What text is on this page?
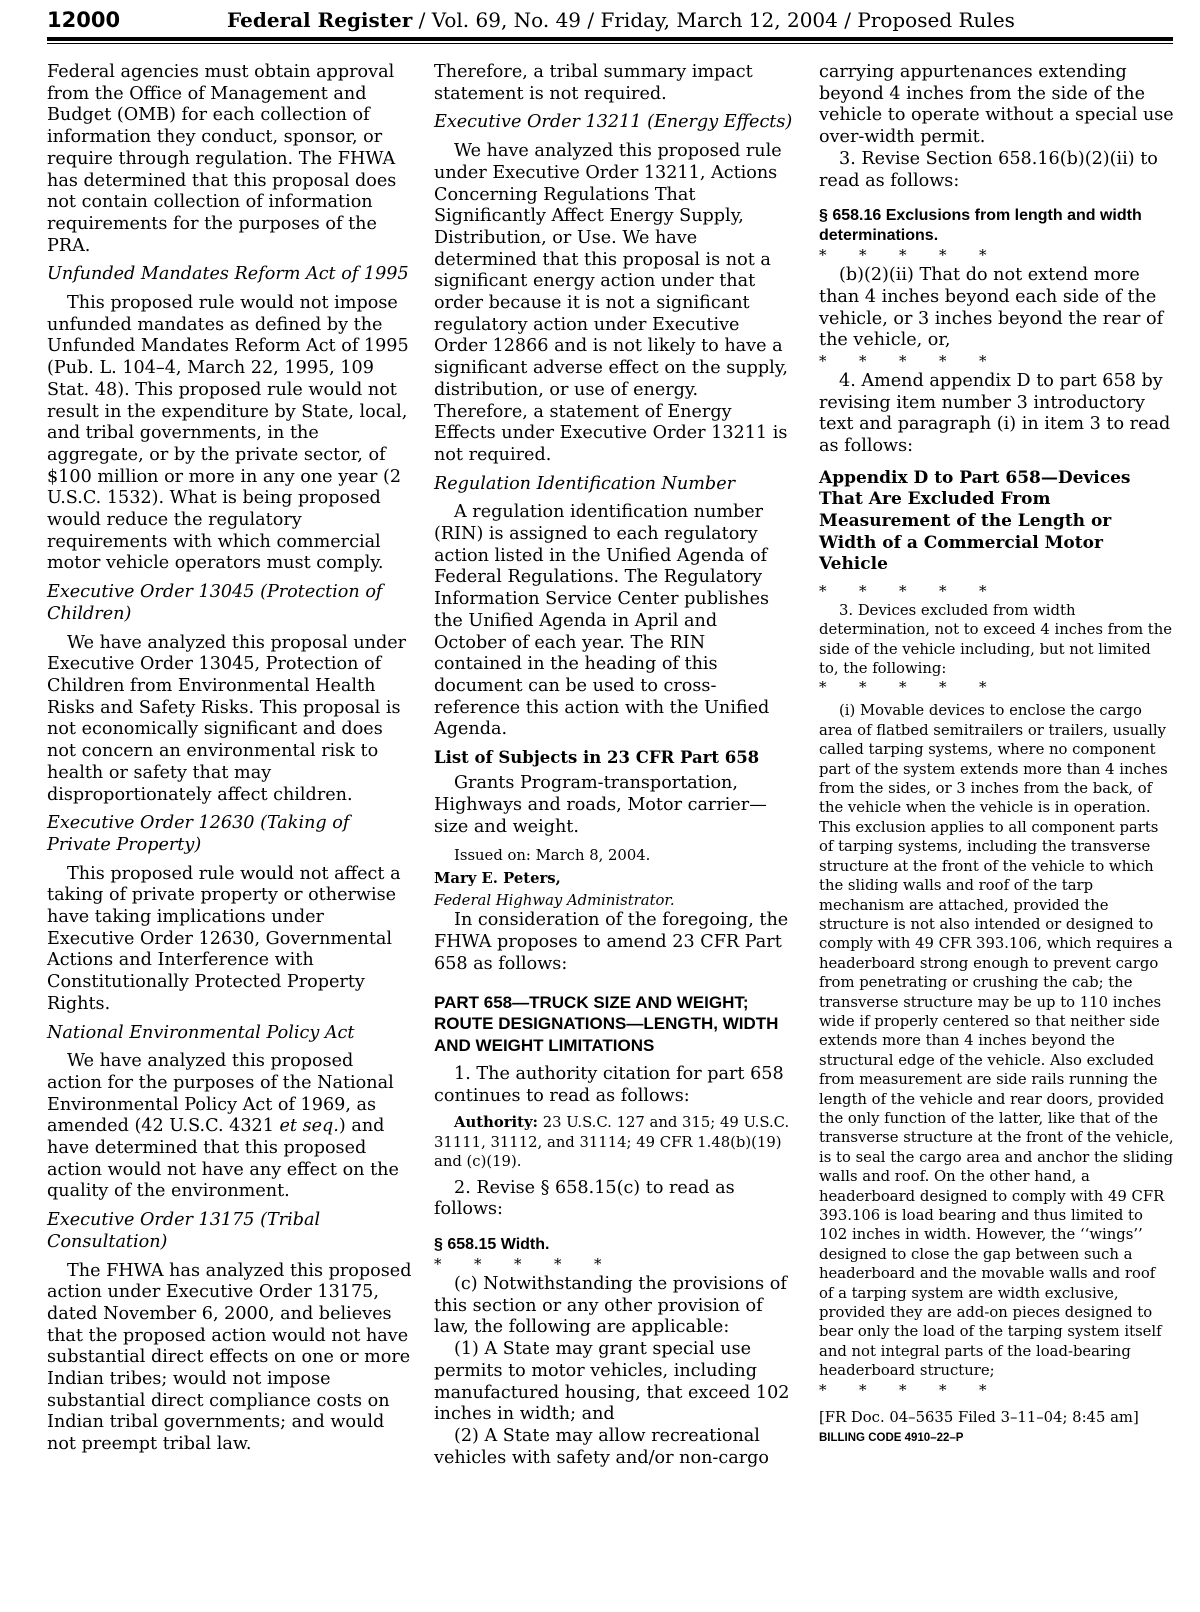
12000	Federal Register / Vol. 69, No. 49 / Friday, March 12, 2004 / Proposed Rules

Federal agencies must obtain approval from the Office of Management and Budget (OMB) for each collection of information they conduct, sponsor, or require through regulation. The FHWA has determined that this proposal does not contain collection of information requirements for the purposes of the PRA.

Unfunded Mandates Reform Act of 1995

This proposed rule would not impose unfunded mandates as defined by the Unfunded Mandates Reform Act of 1995 (Pub. L. 104–4, March 22, 1995, 109 Stat. 48). This proposed rule would not result in the expenditure by State, local, and tribal governments, in the aggregate, or by the private sector, of $100 million or more in any one year (2 U.S.C. 1532). What is being proposed would reduce the regulatory requirements with which commercial motor vehicle operators must comply.

Executive Order 13045 (Protection of Children)

We have analyzed this proposal under Executive Order 13045, Protection of Children from Environmental Health Risks and Safety Risks. This proposal is not economically significant and does not concern an environmental risk to health or safety that may disproportionately affect children.

Executive Order 12630 (Taking of Private Property)

This proposed rule would not affect a taking of private property or otherwise have taking implications under Executive Order 12630, Governmental Actions and Interference with Constitutionally Protected Property Rights.

National Environmental Policy Act

We have analyzed this proposed action for the purposes of the National Environmental Policy Act of 1969, as amended (42 U.S.C. 4321 et seq.) and have determined that this proposed action would not have any effect on the quality of the environment.

Executive Order 13175 (Tribal Consultation)

The FHWA has analyzed this proposed action under Executive Order 13175, dated November 6, 2000, and believes that the proposed action would not have substantial direct effects on one or more Indian tribes; would not impose substantial direct compliance costs on Indian tribal governments; and would not preempt tribal law.

Therefore, a tribal summary impact statement is not required.

Executive Order 13211 (Energy Effects)

We have analyzed this proposed rule under Executive Order 13211, Actions Concerning Regulations That Significantly Affect Energy Supply, Distribution, or Use. We have determined that this proposal is not a significant energy action under that order because it is not a significant regulatory action under Executive Order 12866 and is not likely to have a significant adverse effect on the supply, distribution, or use of energy. Therefore, a statement of Energy Effects under Executive Order 13211 is not required.

Regulation Identification Number

A regulation identification number (RIN) is assigned to each regulatory action listed in the Unified Agenda of Federal Regulations. The Regulatory Information Service Center publishes the Unified Agenda in April and October of each year. The RIN contained in the heading of this document can be used to cross-reference this action with the Unified Agenda.

List of Subjects in 23 CFR Part 658

Grants Program-transportation, Highways and roads, Motor carrier—size and weight.

Issued on: March 8, 2004.

Mary E. Peters,

Federal Highway Administrator.

In consideration of the foregoing, the FHWA proposes to amend 23 CFR Part 658 as follows:

PART 658—TRUCK SIZE AND WEIGHT; ROUTE DESIGNATIONS—LENGTH, WIDTH AND WEIGHT LIMITATIONS

1. The authority citation for part 658 continues to read as follows:

Authority: 23 U.S.C. 127 and 315; 49 U.S.C. 31111, 31112, and 31114; 49 CFR 1.48(b)(19) and (c)(19).

2. Revise § 658.15(c) to read as follows:

§ 658.15 Width.

* * * * *

(c) Notwithstanding the provisions of this section or any other provision of law, the following are applicable:

(1) A State may grant special use permits to motor vehicles, including manufactured housing, that exceed 102 inches in width; and

(2) A State may allow recreational vehicles with safety and/or non-cargo

carrying appurtenances extending beyond 4 inches from the side of the vehicle to operate without a special use over-width permit.

3. Revise Section 658.16(b)(2)(ii) to read as follows:

§ 658.16 Exclusions from length and width determinations.

* * * * *

(b)(2)(ii) That do not extend more than 4 inches beyond each side of the vehicle, or 3 inches beyond the rear of the vehicle, or,

* * * * *

4. Amend appendix D to part 658 by revising item number 3 introductory text and paragraph (i) in item 3 to read as follows:

Appendix D to Part 658—Devices That Are Excluded From Measurement of the Length or Width of a Commercial Motor Vehicle

* * * * *

3. Devices excluded from width determination, not to exceed 4 inches from the side of the vehicle including, but not limited to, the following:

* * * * *

(i) Movable devices to enclose the cargo area of flatbed semitrailers or trailers, usually called tarping systems, where no component part of the system extends more than 4 inches from the sides, or 3 inches from the back, of the vehicle when the vehicle is in operation. This exclusion applies to all component parts of tarping systems, including the transverse structure at the front of the vehicle to which the sliding walls and roof of the tarp mechanism are attached, provided the structure is not also intended or designed to comply with 49 CFR 393.106, which requires a headerboard strong enough to prevent cargo from penetrating or crushing the cab; the transverse structure may be up to 110 inches wide if properly centered so that neither side extends more than 4 inches beyond the structural edge of the vehicle. Also excluded from measurement are side rails running the length of the vehicle and rear doors, provided the only function of the latter, like that of the transverse structure at the front of the vehicle, is to seal the cargo area and anchor the sliding walls and roof. On the other hand, a headerboard designed to comply with 49 CFR 393.106 is load bearing and thus limited to 102 inches in width. However, the ‘‘wings’’ designed to close the gap between such a headerboard and the movable walls and roof of a tarping system are width exclusive, provided they are add-on pieces designed to bear only the load of the tarping system itself and not integral parts of the load-bearing headerboard structure;

* * * * *

[FR Doc. 04–5635 Filed 3–11–04; 8:45 am]

BILLING CODE 4910–22–P
